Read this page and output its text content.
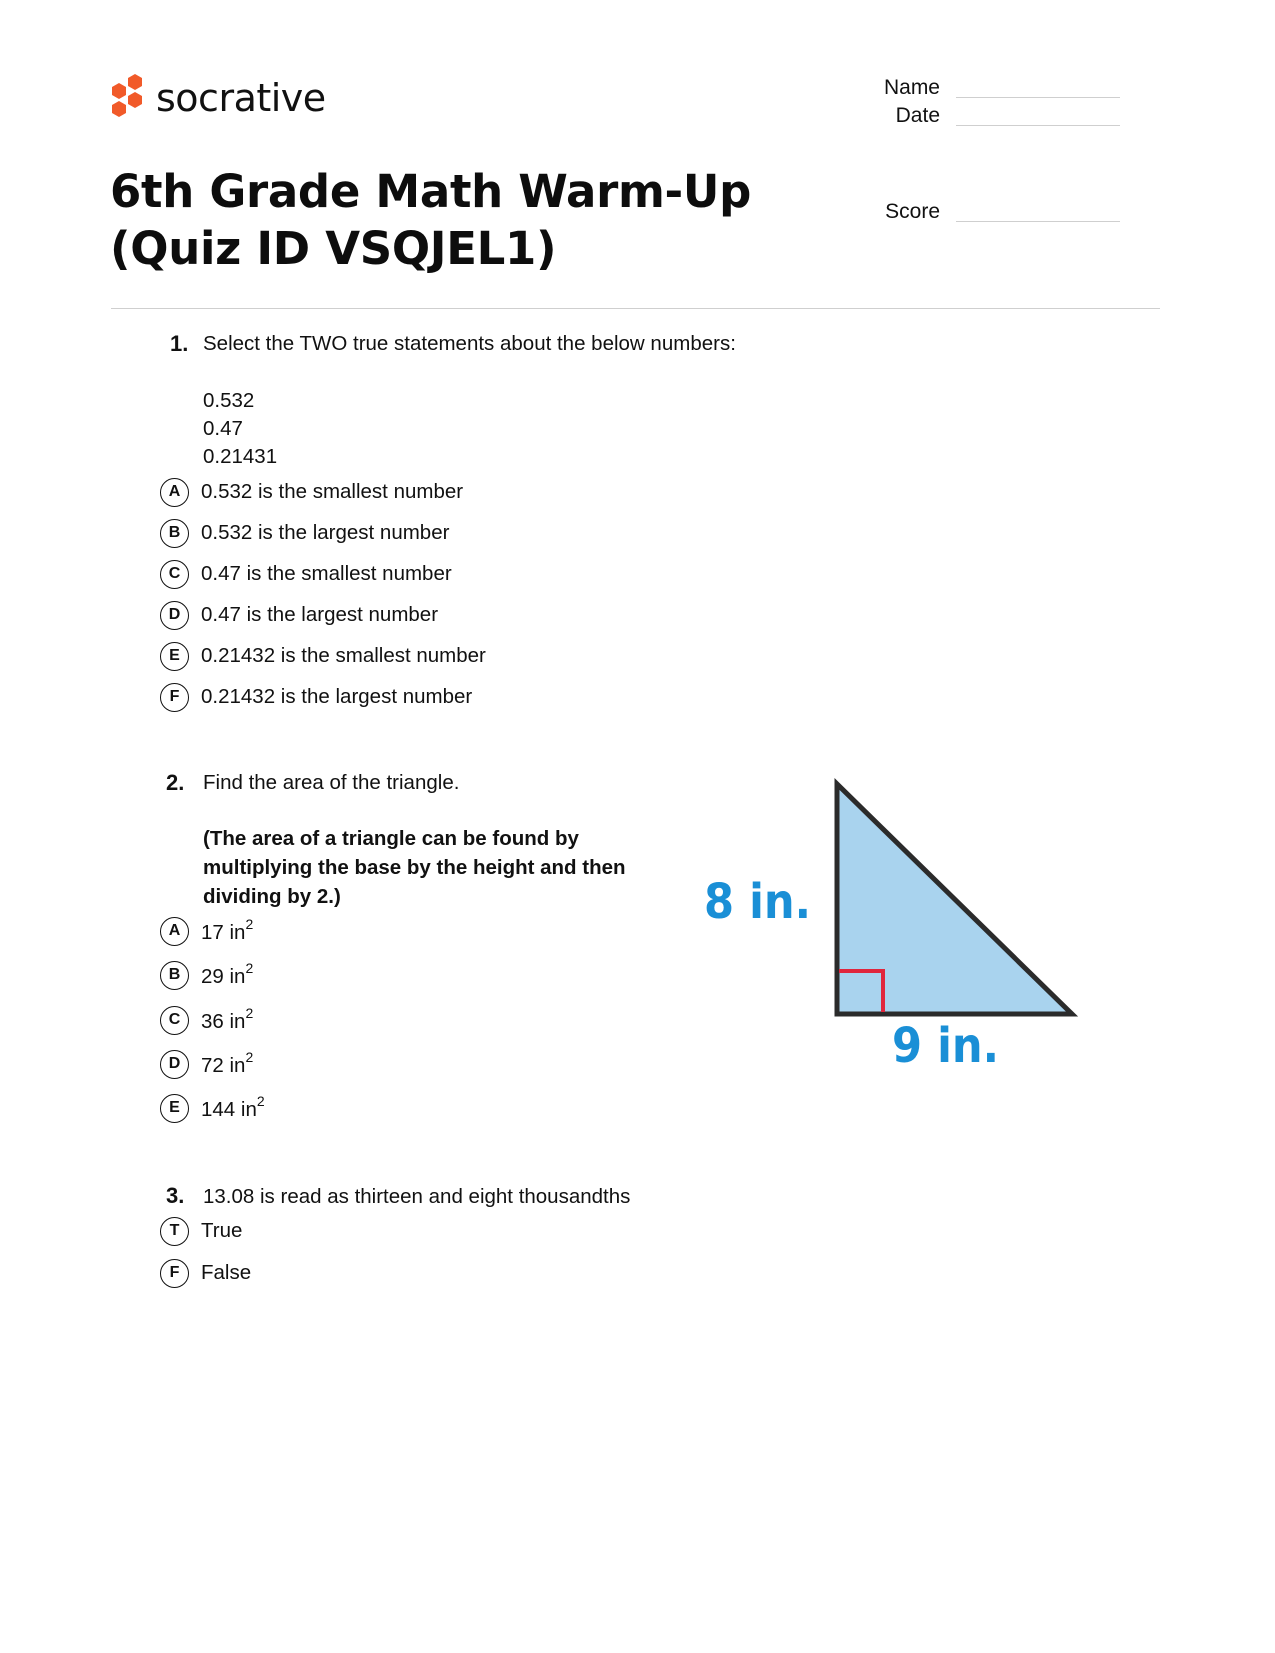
socrative
6th Grade Math Warm-Up (Quiz ID VSQJEL1)
Name
Date
Score
1. Select the TWO true statements about the below numbers:
0.532
0.47
0.21431
A	0.532 is the smallest number
B	0.532 is the largest number
C	0.47 is the smallest number
D	0.47 is the largest number
E	0.21432 is the smallest number
F	0.21432 is the largest number
2. Find the area of the triangle.
(The area of a triangle can be found by multiplying the base by the height and then dividing by 2.)
A	17 $in^2$
B	29 $in^2$
C	36 $in^2$
D	72 $in^2$
E	144 $in^2$
8 in.
9 in.
3. 13.08 is read as thirteen and eight thousandths
T	True
F	False
